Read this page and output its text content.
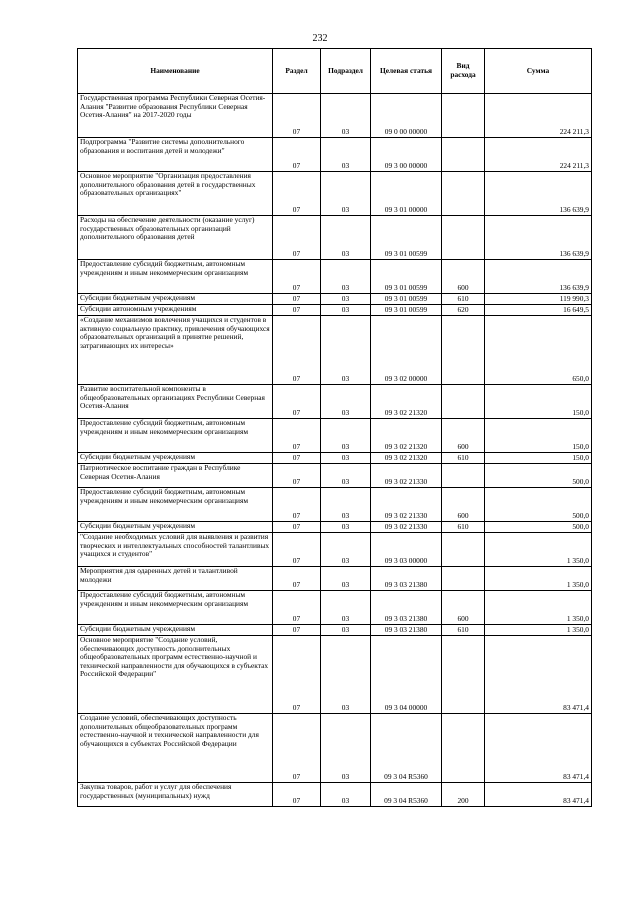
232
Наименование	Раздел	Подраздел	Целевая статья	Вид расхода	Сумма
Государственная программа Республики Северная Осетия-Алания "Развитие образования Республики Северная Осетия-Алания" на 2017-2020 годы	07	03	09 0 00 00000		224 211,3
Подпрограмма "Развитие системы дополнительного образования и воспитания детей и молодежи"	07	03	09 3 00 00000		224 211,3
Основное мероприятие "Организация предоставления дополнительного образования детей в государственных образовательных организациях"	07	03	09 3 01 00000		136 639,9
Расходы на обеспечение деятельности (оказание услуг) государственных образовательных организаций дополнительного образования детей	07	03	09 3 01 00599		136 639,9
Предоставление субсидий бюджетным, автономным учреждениям и иным некоммерческим организациям	07	03	09 3 01 00599	600	136 639,9
Субсидии бюджетным учреждениям	07	03	09 3 01 00599	610	119 990,3
Субсидии автономным учреждениям	07	03	09 3 01 00599	620	16 649,5
«Создание механизмов вовлечения учащихся и студентов в активную социальную практику, привлечения обучающихся образовательных организаций в принятие решений, затрагивающих их интересы»	07	03	09 3 02 00000		650,0
Развитие воспитательной компоненты в общеобразовательных организациях Республики Северная Осетия-Алания	07	03	09 3 02 21320		150,0
Предоставление субсидий бюджетным, автономным учреждениям и иным некоммерческим организациям	07	03	09 3 02 21320	600	150,0
Субсидии бюджетным учреждениям	07	03	09 3 02 21320	610	150,0
Патриотическое воспитание граждан в Республике Северная Осетия-Алания	07	03	09 3 02 21330		500,0
Предоставление субсидий бюджетным, автономным учреждениям и иным некоммерческим организациям	07	03	09 3 02 21330	600	500,0
Субсидии бюджетным учреждениям	07	03	09 3 02 21330	610	500,0
"Создание необходимых условий для выявления и развития творческих и интеллектуальных способностей талантливых учащихся и студентов"	07	03	09 3 03 00000		1 350,0
Мероприятия для одаренных детей и талантливой молодежи	07	03	09 3 03 21380		1 350,0
Предоставление субсидий бюджетным, автономным учреждениям и иным некоммерческим организациям	07	03	09 3 03 21380	600	1 350,0
Субсидии бюджетным учреждениям	07	03	09 3 03 21380	610	1 350,0
Основное мероприятие "Создание условий, обеспечивающих доступность дополнительных общеобразовательных программ естественно-научной и технической направленности для обучающихся в субъектах Российской Федерации"	07	03	09 3 04 00000		83 471,4
Создание условий, обеспечивающих доступность дополнительных общеобразовательных программ естественно-научной и технической направленности для обучающихся в субъектах Российской Федерации	07	03	09 3 04 R5360		83 471,4
Закупка товаров, работ и услуг для обеспечения государственных (муниципальных) нужд	07	03	09 3 04 R5360	200	83 471,4
